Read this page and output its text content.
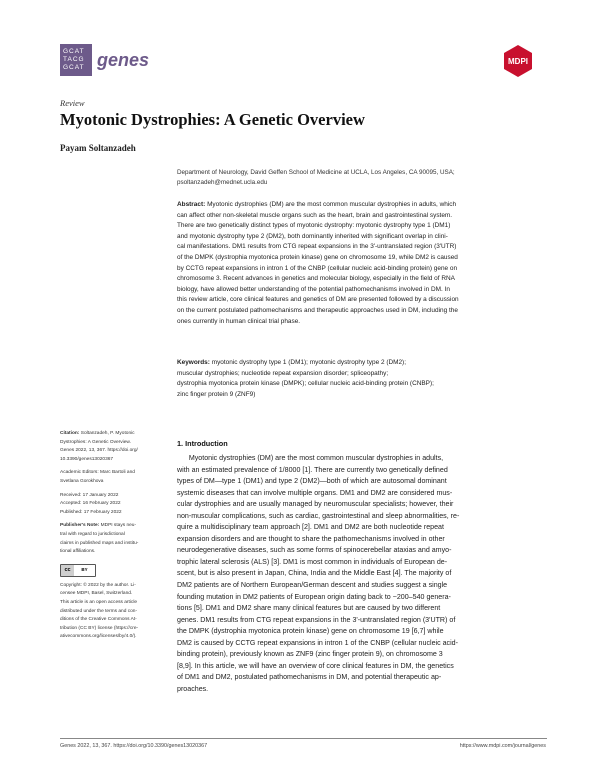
GCAT
TACG
GCAT genes	MDPI
Review
Myotonic Dystrophies: A Genetic Overview
Payam Soltanzadeh
Department of Neurology, David Geffen School of Medicine at UCLA, Los Angeles, CA 90095, USA;
psoltanzadeh@mednet.ucla.edu
Abstract: Myotonic dystrophies (DM) are the most common muscular dystrophies in adults, which
can affect other non-skeletal muscle organs such as the heart, brain and gastrointestinal system.
There are two genetically distinct types of myotonic dystrophy: myotonic dystrophy type 1 (DM1)
and myotonic dystrophy type 2 (DM2), both dominantly inherited with significant overlap in clini-
cal manifestations. DM1 results from CTG repeat expansions in the 3'-untranslated region (3'UTR)
of the DMPK (dystrophia myotonica protein kinase) gene on chromosome 19, while DM2 is caused
by CCTG repeat expansions in intron 1 of the CNBP (cellular nucleic acid-binding protein) gene on
chromosome 3. Recent advances in genetics and molecular biology, especially in the field of RNA
biology, have allowed better understanding of the potential pathomechanisms involved in DM. In
this review article, core clinical features and genetics of DM are presented followed by a discussion
on the current postulated pathomechanisms and therapeutic approaches used in DM, including the
ones currently in human clinical trial phase.
Keywords: myotonic dystrophy type 1 (DM1); myotonic dystrophy type 2 (DM2);
muscular dystrophies; nucleotide repeat expansion disorder; spliceopathy;
dystrophia myotonica protein kinase (DMPK); cellular nucleic acid-binding protein (CNBP);
zinc finger protein 9 (ZNF9)
Citation: Soltanzadeh, P. Myotonic
Dystrophies: A Genetic Overview.
Genes 2022, 13, 367. https://doi.org/
10.3390/genes13020367
Academic Editors: Marc Bartoli and
Svetlana Gorokhova
Received: 17 January 2022
Accepted: 16 February 2022
Published: 17 February 2022
Publisher's Note: MDPI stays neu-
tral with regard to jurisdictional
claims in published maps and institu-
tional affiliations.
cc	BY
Copyright: © 2022 by the author. Li-
censee MDPI, Basel, Switzerland.
This article is an open access article
distributed under the terms and con-
ditions of the Creative Commons At-
tribution (CC BY) license (https://cre-
ativecommons.org/licenses/by/4.0/).
1. Introduction
Myotonic dystrophies (DM) are the most common muscular dystrophies in adults,
with an estimated prevalence of 1/8000 [1]. There are currently two genetically defined
types of DM—type 1 (DM1) and type 2 (DM2)—both of which are autosomal dominant
systemic diseases that can involve multiple organs. DM1 and DM2 are considered mus-
cular dystrophies and are usually managed by neuromuscular specialists; however, their
non-muscular complications, such as cardiac, gastrointestinal and sleep abnormalities, re-
quire a multidisciplinary team approach [2]. DM1 and DM2 are both nucleotide repeat
expansion disorders and are thought to share the pathomechanisms involved in other
neurodegenerative diseases, such as some forms of spinocerebellar ataxias and amyo-
trophic lateral sclerosis (ALS) [3]. DM1 is most common in individuals of European de-
scent, but is also present in Japan, China, India and the Middle East [4]. The majority of
DM2 patients are of Northern European/German descent and studies suggest a single
founding mutation in DM2 patients of European origin dating back to ~200–540 genera-
tions [5]. DM1 and DM2 share many clinical features but are caused by two different
genes. DM1 results from CTG repeat expansions in the 3'-untranslated region (3'UTR) of
the DMPK (dystrophia myotonica protein kinase) gene on chromosome 19 [6,7] while
DM2 is caused by CCTG repeat expansions in intron 1 of the CNBP (cellular nucleic acid-
binding protein), previously known as ZNF9 (zinc finger protein 9), on chromosome 3
[8,9]. In this article, we will have an overview of core clinical features in DM, the genetics
of DM1 and DM2, postulated pathomechanisms in DM, and potential therapeutic ap-
proaches.
Genes 2022, 13, 367. https://doi.org/10.3390/genes13020367	https://www.mdpi.com/journal/genes
